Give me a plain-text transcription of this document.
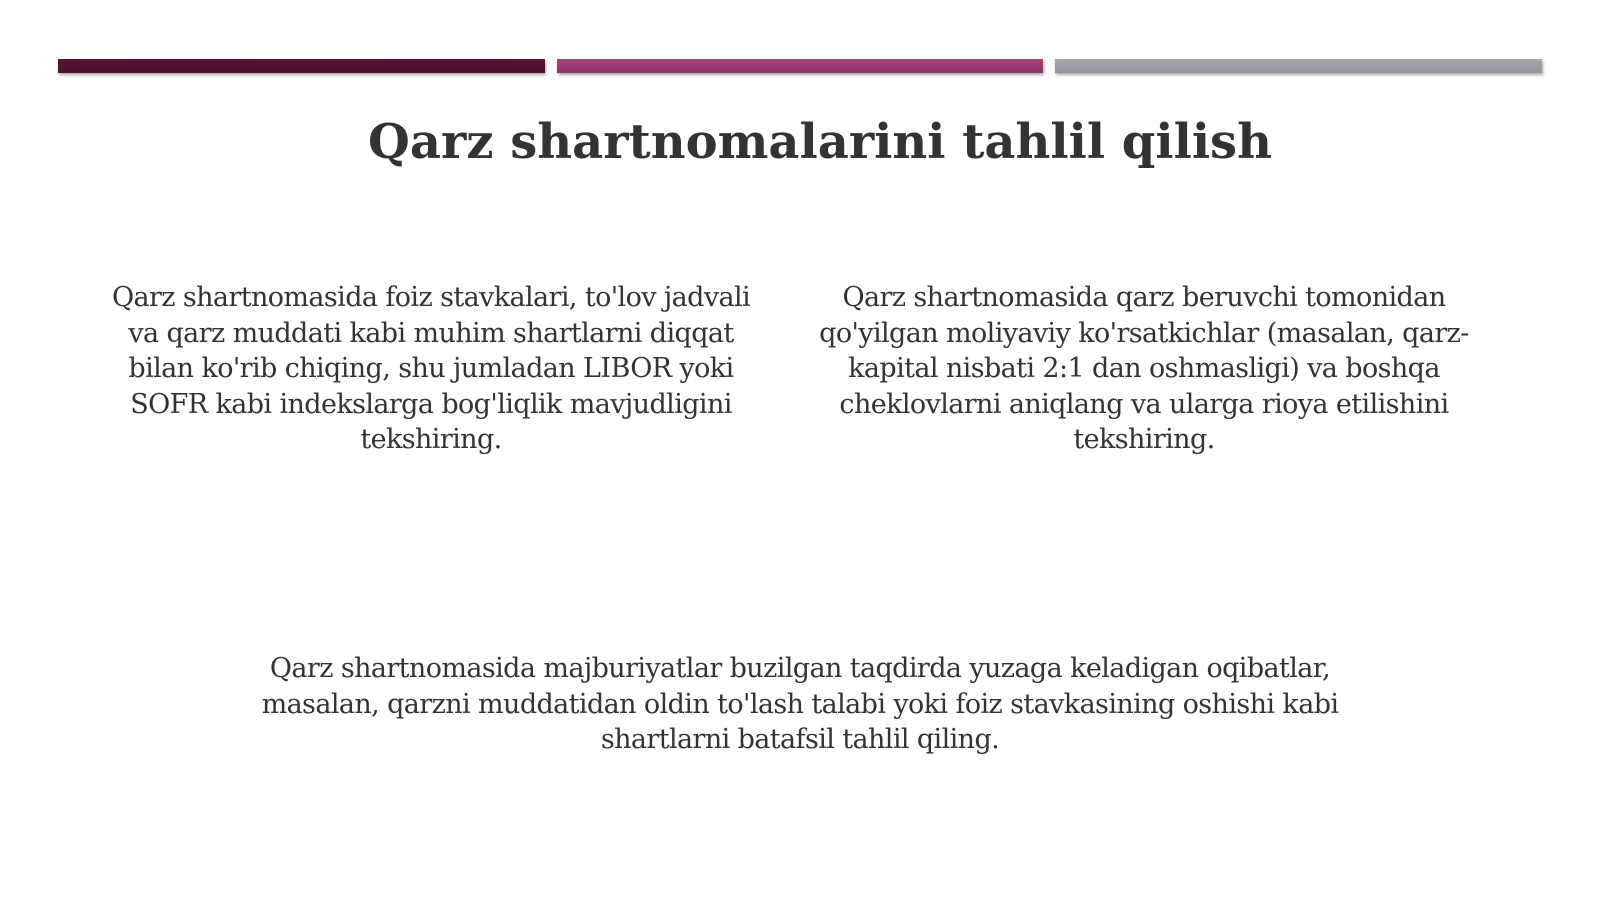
Qarz shartnomalarini tahlil qilish

Qarz shartnomasida foiz stavkalari, to'lov jadvali va qarz muddati kabi muhim shartlarni diqqat bilan ko'rib chiqing, shu jumladan LIBOR yoki SOFR kabi indekslarga bog'liqlik mavjudligini tekshiring.

Qarz shartnomasida qarz beruvchi tomonidan qo'yilgan moliyaviy ko'rsatkichlar (masalan, qarz-kapital nisbati 2:1 dan oshmasligi) va boshqa cheklovlarni aniqlang va ularga rioya etilishini tekshiring.

Qarz shartnomasida majburiyatlar buzilgan taqdirda yuzaga keladigan oqibatlar, masalan, qarzni muddatidan oldin to'lash talabi yoki foiz stavkasining oshishi kabi shartlarni batafsil tahlil qiling.
